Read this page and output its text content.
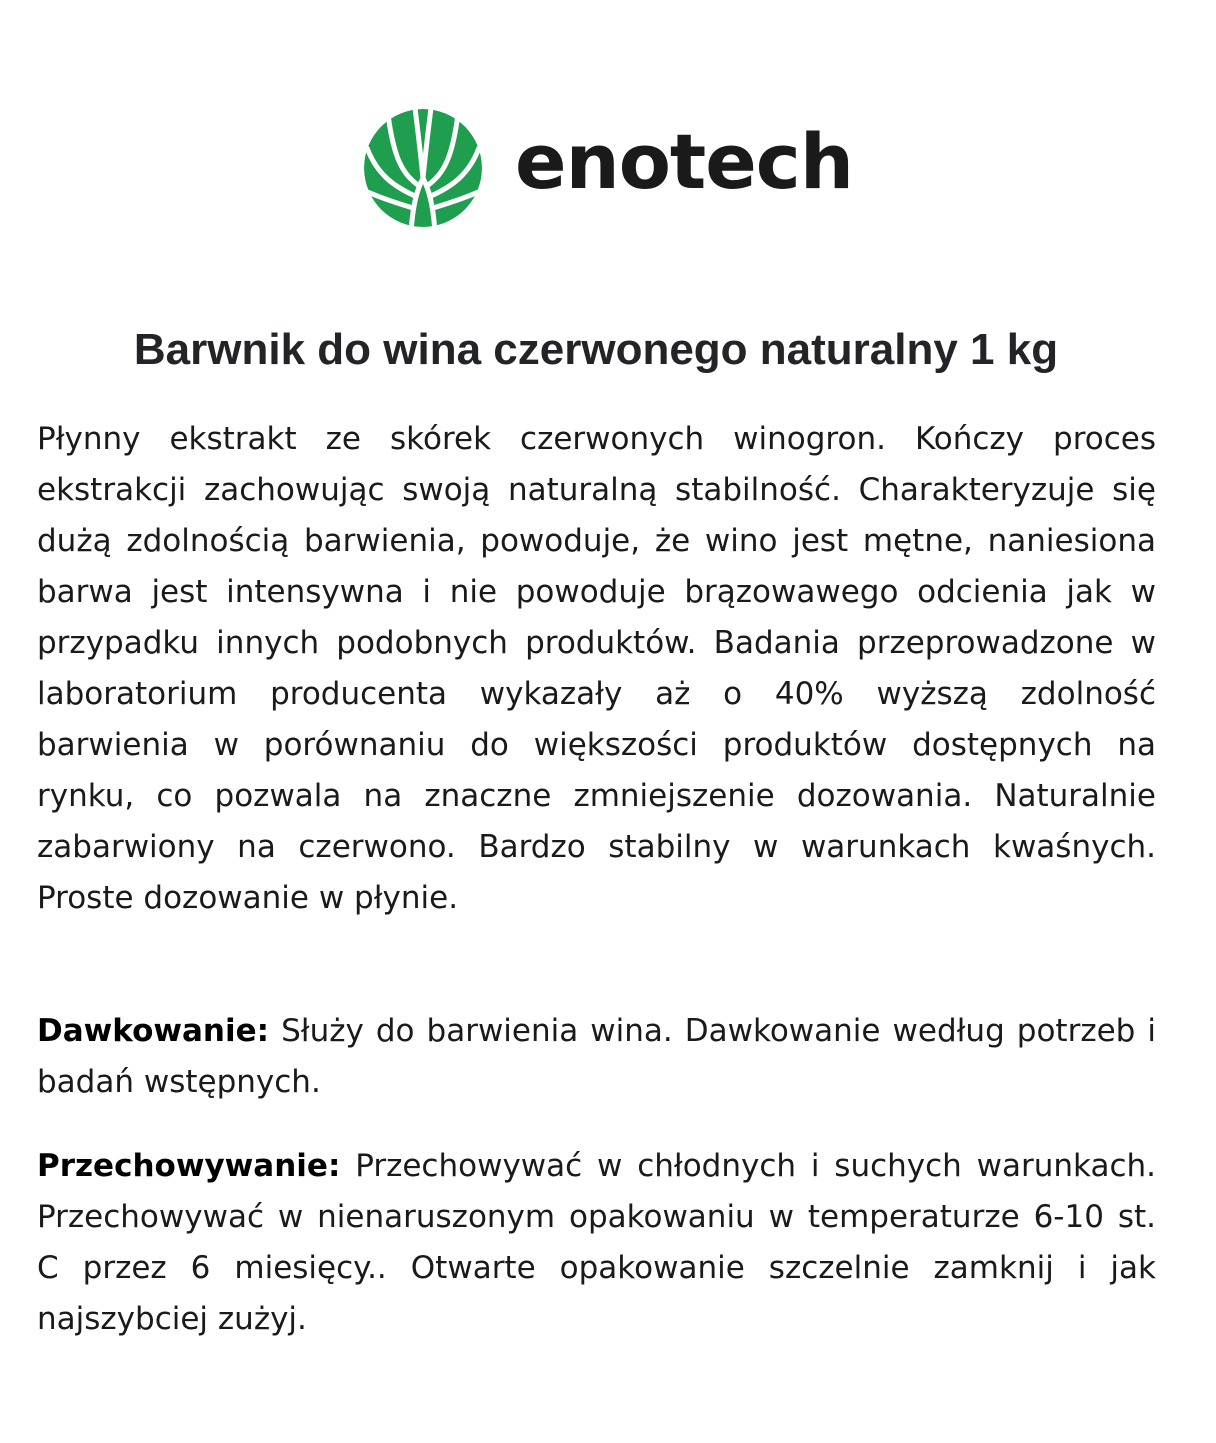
enotech
Barwnik do wina czerwonego naturalny 1 kg

Płynny ekstrakt ze skórek czerwonych winogron. Kończy proces ekstrakcji zachowując swoją naturalną stabilność. Charakteryzuje się dużą zdolnością barwienia, powoduje, że wino jest mętne, naniesiona barwa jest intensywna i nie powoduje brązowawego odcienia jak w przypadku innych podobnych produktów. Badania przeprowadzone w laboratorium producenta wykazały aż o 40% wyższą zdolność barwienia w porównaniu do większości produktów dostępnych na rynku, co pozwala na znaczne zmniejszenie dozowania. Naturalnie zabarwiony na czerwono. Bardzo stabilny w warunkach kwaśnych. Proste dozowanie w płynie.

Dawkowanie: Służy do barwienia wina. Dawkowanie według potrzeb i badań wstępnych.

Przechowywanie: Przechowywać w chłodnych i suchych warunkach. Przechowywać w nienaruszonym opakowaniu w temperaturze 6-10 st. C przez 6 miesięcy.. Otwarte opakowanie szczelnie zamknij i jak najszybciej zużyj.
